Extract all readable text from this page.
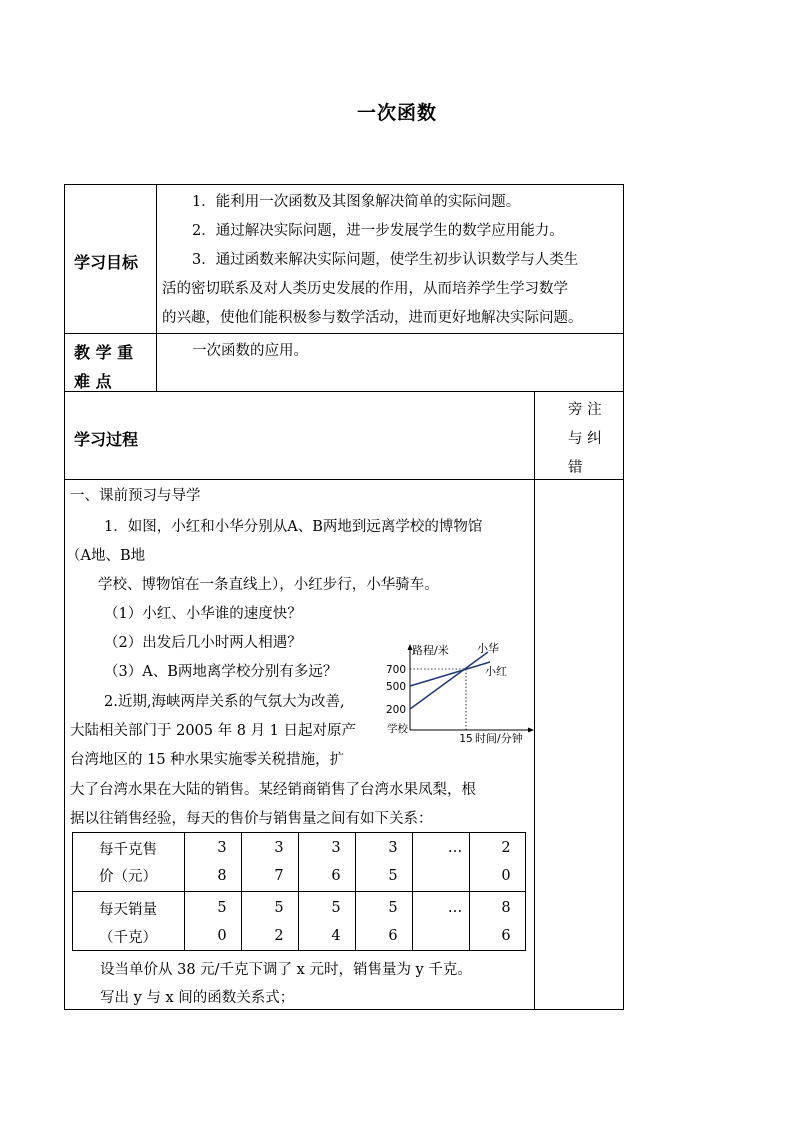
一次函数
学习目标
1．能利用一次函数及其图象解决简单的实际问题。
2．通过解决实际问题，进一步发展学生的数学应用能力。
3．通过函数来解决实际问题，使学生初步认识数学与人类生
活的密切联系及对人类历史发展的作用，从而培养学生学习数学
的兴趣，使他们能积极参与数学活动，进而更好地解决实际问题。
教 学 重
难 点
一次函数的应用。
学习过程
旁 注
与 纠
错
一、课前预习与导学
1．如图，小红和小华分别从A、B两地到远离学校的博物馆
（A地、B地
学校、博物馆在一条直线上），小红步行，小华骑车。
（1）小红、小华谁的速度快？
（2）出发后几小时两人相遇？
（3）A、B两地离学校分别有多远？
2.近期,海峡两岸关系的气氛大为改善,
大陆相关部门于 2005 年 8 月 1 日起对原产
台湾地区的 15 种水果实施零关税措施，扩
大了台湾水果在大陆的销售。某经销商销售了台湾水果凤梨，根
据以往销售经验，每天的售价与销售量之间有如下关系：
路程/米
700
500
200
学校
15 时间/分钟
小华
小红
每千克售
价（元）
3
8
3
7
3
6
3
5
…	2
0
每天销量
（千克）
5
0
5
2
5
4
5
6
…	8
6
设当单价从 38 元/千克下调了 x 元时，销售量为 y 千克。
写出 y 与 x 间的函数关系式；
